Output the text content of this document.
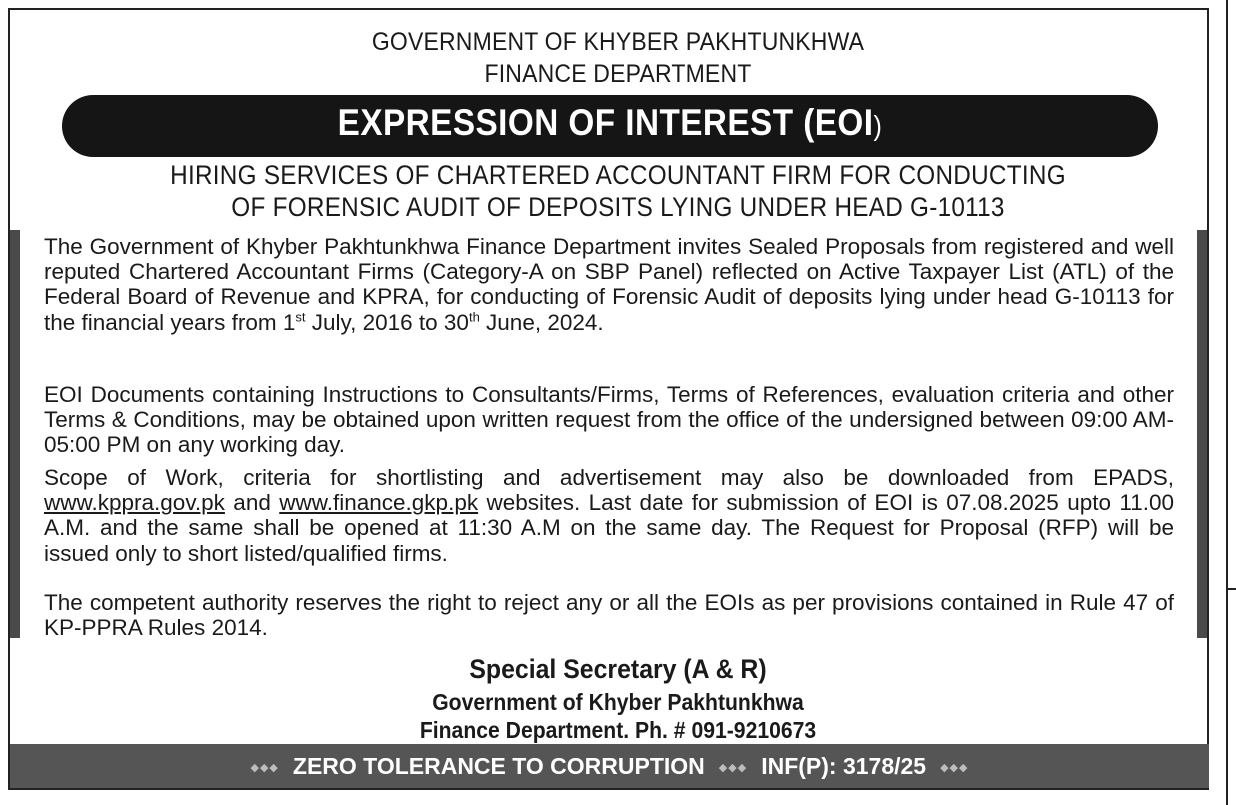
GOVERNMENT OF KHYBER PAKHTUNKHWA
FINANCE DEPARTMENT
EXPRESSION OF INTEREST (EOI)
HIRING SERVICES OF CHARTERED ACCOUNTANT FIRM FOR CONDUCTING
OF FORENSIC AUDIT OF DEPOSITS LYING UNDER HEAD G-10113

The Government of Khyber Pakhtunkhwa Finance Department invites Sealed Proposals from registered and well reputed Chartered Accountant Firms (Category-A on SBP Panel) reflected on Active Taxpayer List (ATL) of the Federal Board of Revenue and KPRA, for conducting of Forensic Audit of deposits lying under head G-10113 for the financial years from 1st July, 2016 to 30th June, 2024.

EOI Documents containing Instructions to Consultants/Firms, Terms of References, evaluation criteria and other Terms & Conditions, may be obtained upon written request from the office of the undersigned between 09:00 AM- 05:00 PM on any working day.

Scope of Work, criteria for shortlisting and advertisement may also be downloaded from EPADS, www.kppra.gov.pk and www.finance.gkp.pk websites. Last date for submission of EOI is 07.08.2025 upto 11.00 A.M. and the same shall be opened at 11:30 A.M on the same day. The Request for Proposal (RFP) will be issued only to short listed/qualified firms.

The competent authority reserves the right to reject any or all the EOIs as per provisions contained in Rule 47 of KP-PPRA Rules 2014.

Special Secretary (A & R)
Government of Khyber Pakhtunkhwa
Finance Department. Ph. # 091-9210673
◆◆◆ ZERO TOLERANCE TO CORRUPTION ◆◆◆ INF(P): 3178/25 ◆◆◆
